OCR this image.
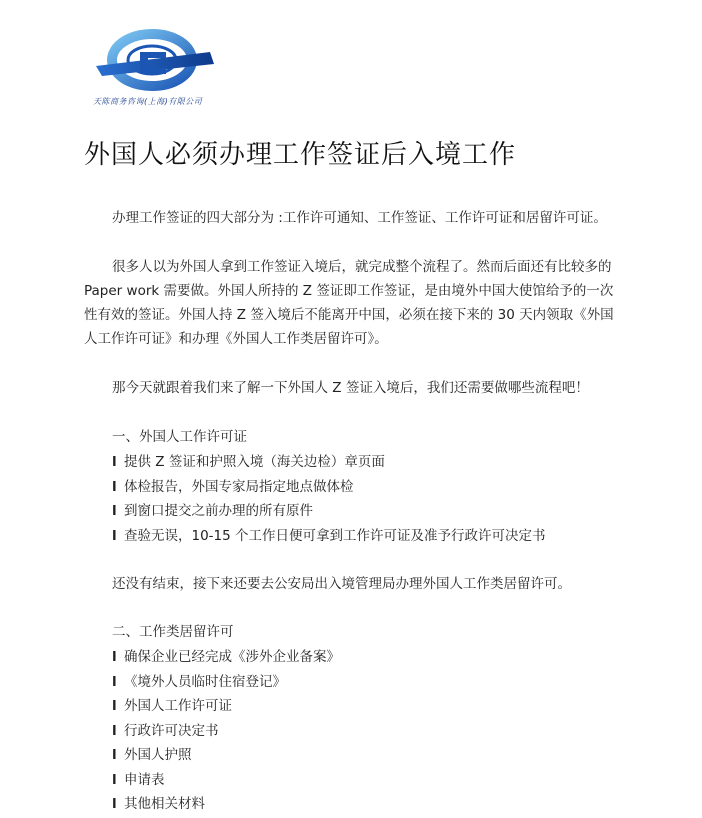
天陈商务咨询(上海)有限公司
外国人必须办理工作签证后入境工作

办理工作签证的四大部分为 :工作许可通知、工作签证、工作许可证和居留许可证。

很多人以为外国人拿到工作签证入境后，就完成整个流程了。然而后面还有比较多的 Paper work 需要做。外国人所持的 Z 签证即工作签证，是由境外中国大使馆给予的一次性有效的签证。外国人持 Z 签入境后不能离开中国，必须在接下来的 30 天内领取《外国人工作许可证》和办理《外国人工作类居留许可》。

那今天就跟着我们来了解一下外国人 Z 签证入境后，我们还需要做哪些流程吧！

一、外国人工作许可证

l 提供 Z 签证和护照入境（海关边检）章页面
l 体检报告，外国专家局指定地点做体检
l 到窗口提交之前办理的所有原件
l 查验无误，10-15 个工作日便可拿到工作许可证及准予行政许可决定书

还没有结束，接下来还要去公安局出入境管理局办理外国人工作类居留许可。

二、工作类居留许可

l 确保企业已经完成《涉外企业备案》
l 《境外人员临时住宿登记》
l 外国人工作许可证
l 行政许可决定书
l 外国人护照
l 申请表
l 其他相关材料
